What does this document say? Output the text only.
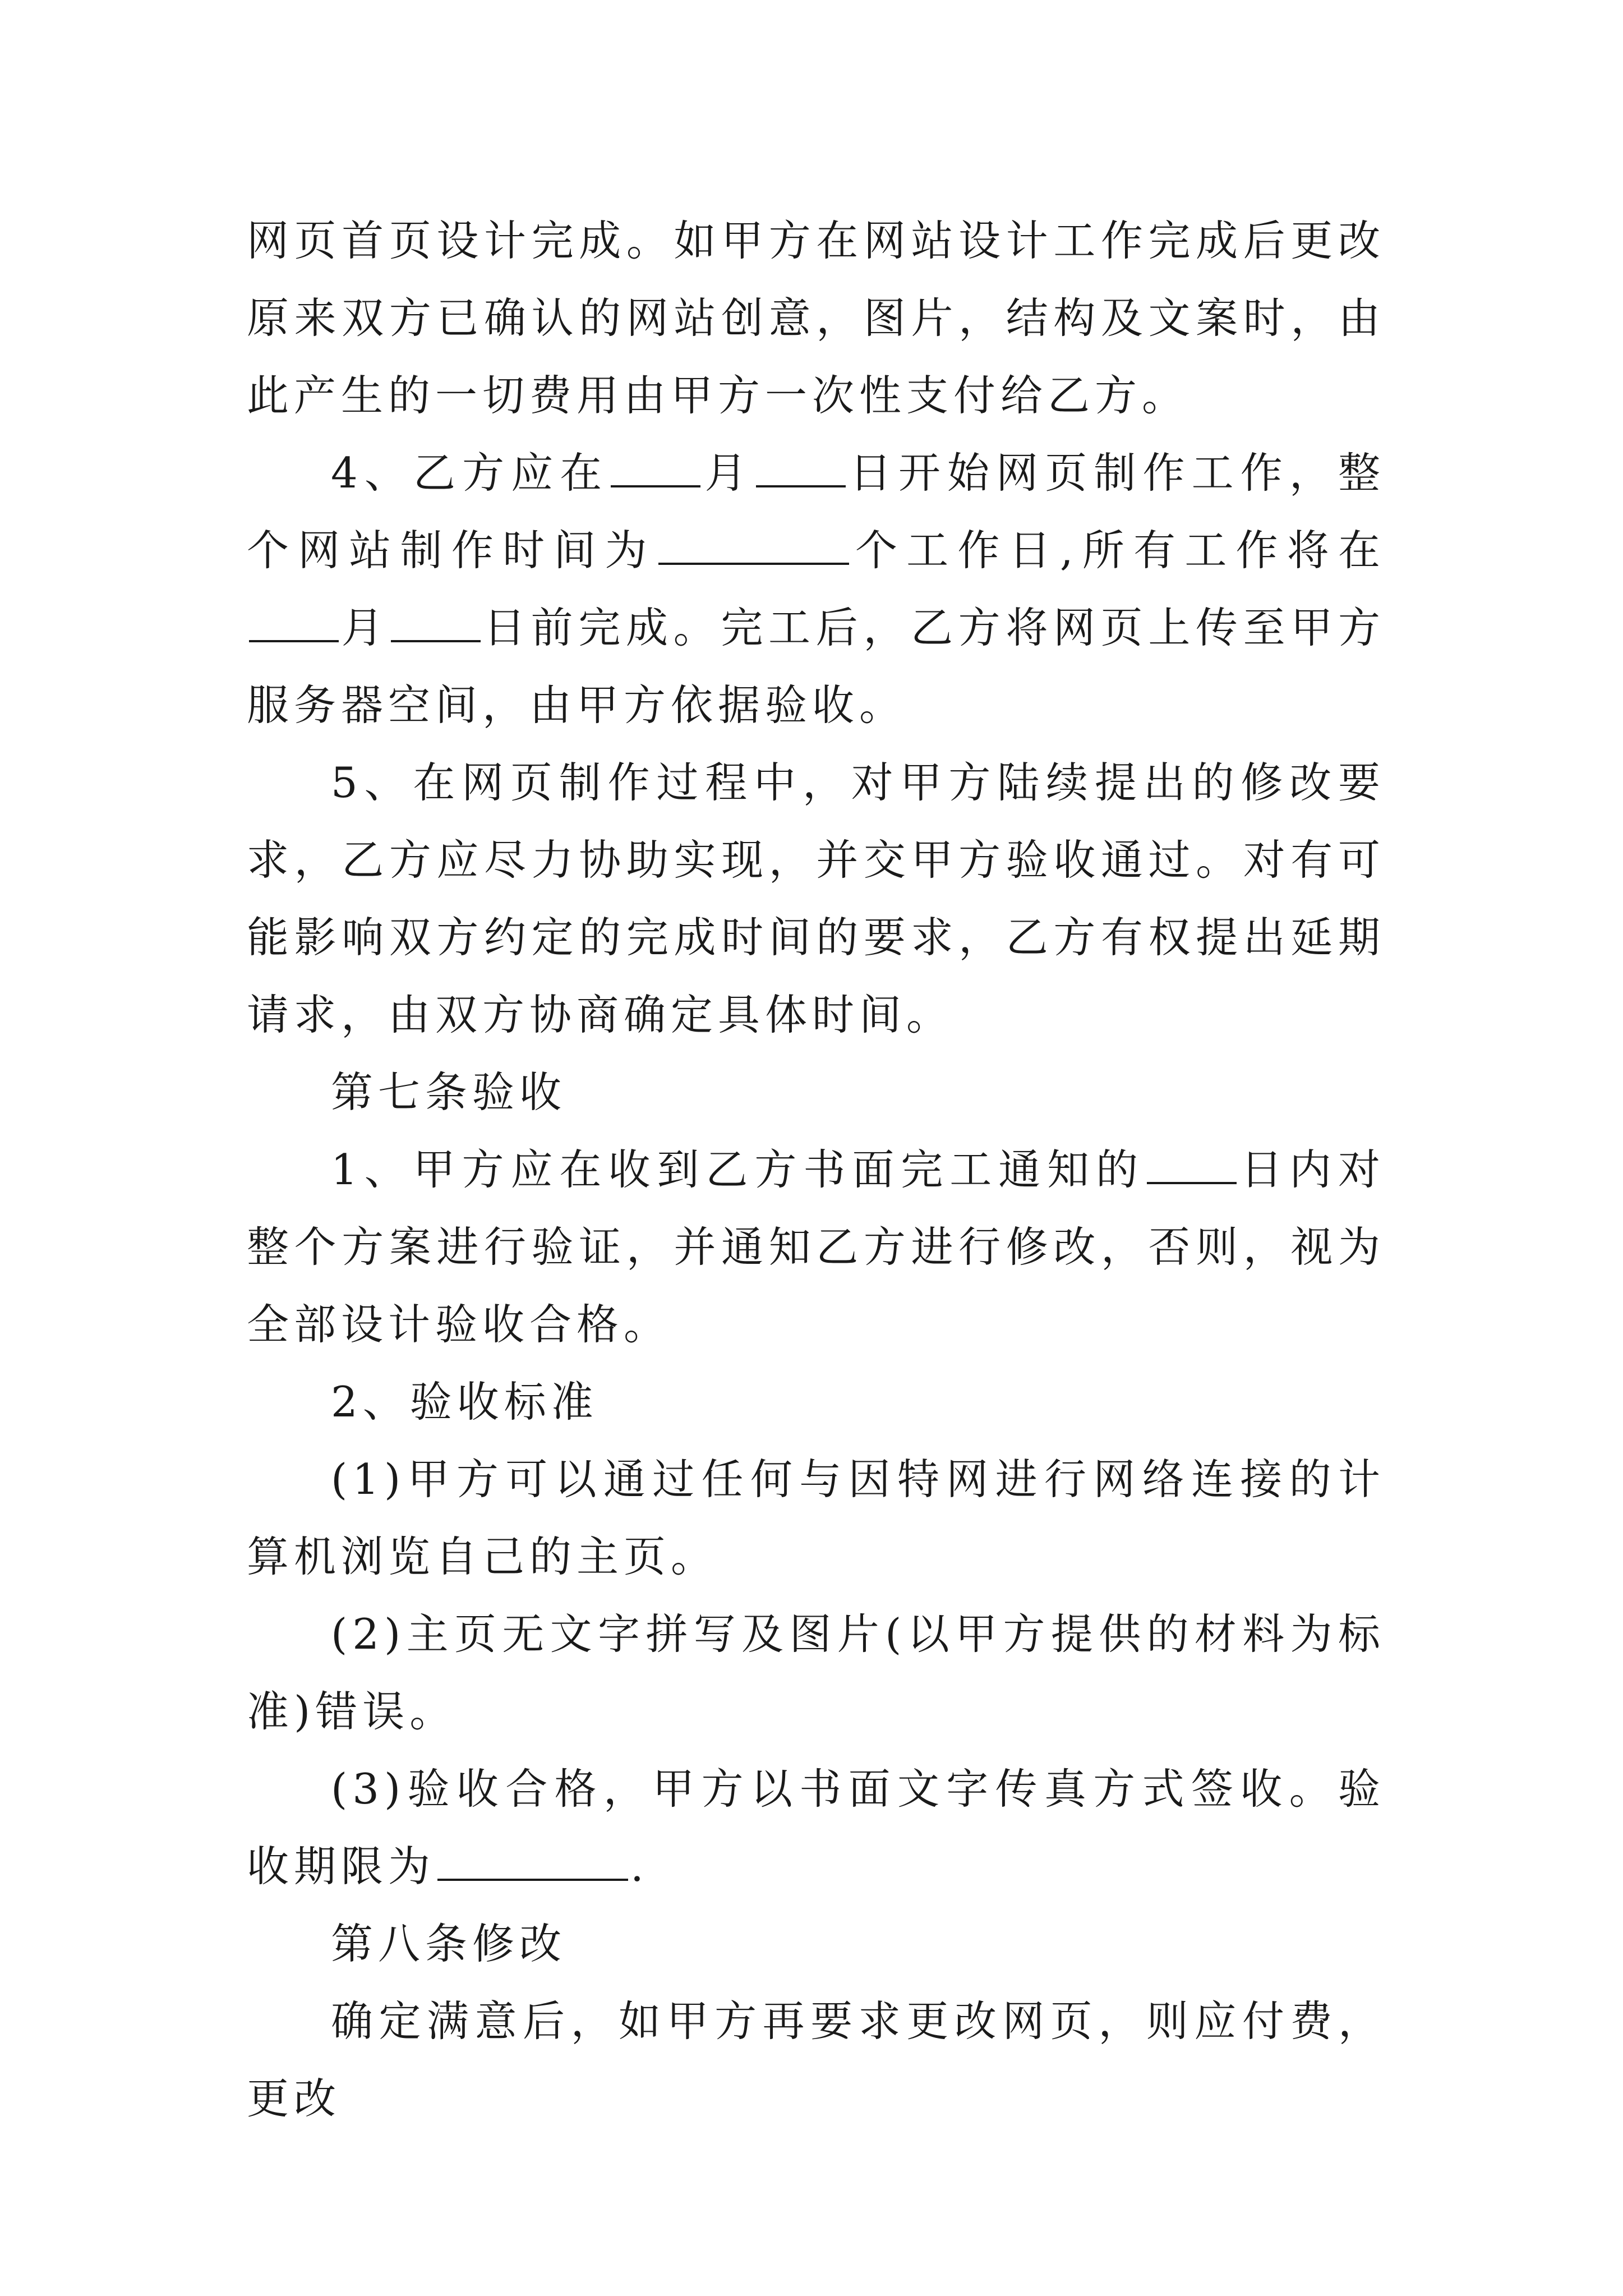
网页首页设计完成。如甲方在网站设计工作完成后更改原来双方已确认的网站创意，图片，结构及文案时，由此产生的一切费用由甲方一次性支付给乙方。

4、乙方应在 月 日开始网页制作工作，整个网站制作时间为	个工作日,所有工作将在月 日前完成。完工后，乙方将网页上传至甲方服务器空间，由甲方依据验收。

5、在网页制作过程中，对甲方陆续提出的修改要求，乙方应尽力协助实现，并交甲方验收通过。对有可能影响双方约定的完成时间的要求，乙方有权提出延期请求，由双方协商确定具体时间。

第七条验收

1、甲方应在收到乙方书面完工通知的 日内对整个方案进行验证，并通知乙方进行修改，否则，视为全部设计验收合格。

2、验收标准

(1)甲方可以通过任何与因特网进行网络连接的计算机浏览自己的主页。

(2)主页无文字拼写及图片(以甲方提供的材料为标准)错误。

(3)验收合格，甲方以书面文字传真方式签收。验收期限为	.

第八条修改

确定满意后，如甲方再要求更改网页，则应付费，更改
